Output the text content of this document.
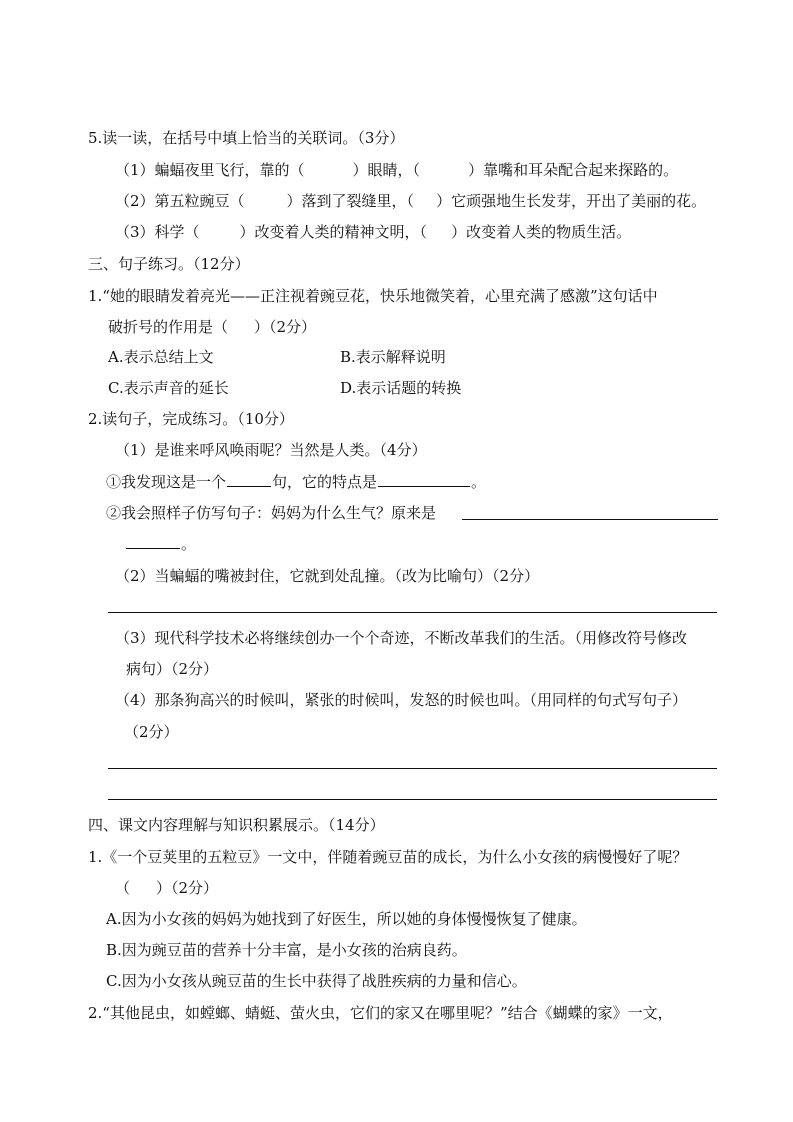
5.读一读，在括号中填上恰当的关联词。（3分）
（1）蝙蝠夜里飞行，靠的（	）眼睛，（	）靠嘴和耳朵配合起来探路的。
（2）第五粒豌豆（	）落到了裂缝里，（ ）它顽强地生长发芽，开出了美丽的花。
（3）科学（	）改变着人类的精神文明，（ ）改变着人类的物质生活。
三、句子练习。（12分）
1.“她的眼睛发着亮光——正注视着豌豆花，快乐地微笑着，心里充满了感激”这句话中
破折号的作用是（ ）（2分）
A.表示总结上文	B.表示解释说明
C.表示声音的延长	D.表示话题的转换
2.读句子，完成练习。（10分）
（1）是谁来呼风唤雨呢？当然是人类。（4分）
①我发现这是一个	句，它的特点是	。
②我会照样子仿写句子：妈妈为什么生气？原来是
。
（2）当蝙蝠的嘴被封住，它就到处乱撞。（改为比喻句）（2分）
（3）现代科学技术必将继续创办一个个奇迹，不断改革我们的生活。（用修改符号修改
病句）（2分）
（4）那条狗高兴的时候叫，紧张的时候叫，发怒的时候也叫。（用同样的句式写句子）
（2分）
四、课文内容理解与知识积累展示。（14分）
1.《一个豆荚里的五粒豆》一文中，伴随着豌豆苗的成长，为什么小女孩的病慢慢好了呢？
（ ）（2分）
A.因为小女孩的妈妈为她找到了好医生，所以她的身体慢慢恢复了健康。
B.因为豌豆苗的营养十分丰富，是小女孩的治病良药。
C.因为小女孩从豌豆苗的生长中获得了战胜疾病的力量和信心。
2.“其他昆虫，如螳螂、蜻蜓、萤火虫，它们的家又在哪里呢？”结合《蝴蝶的家》一文，
